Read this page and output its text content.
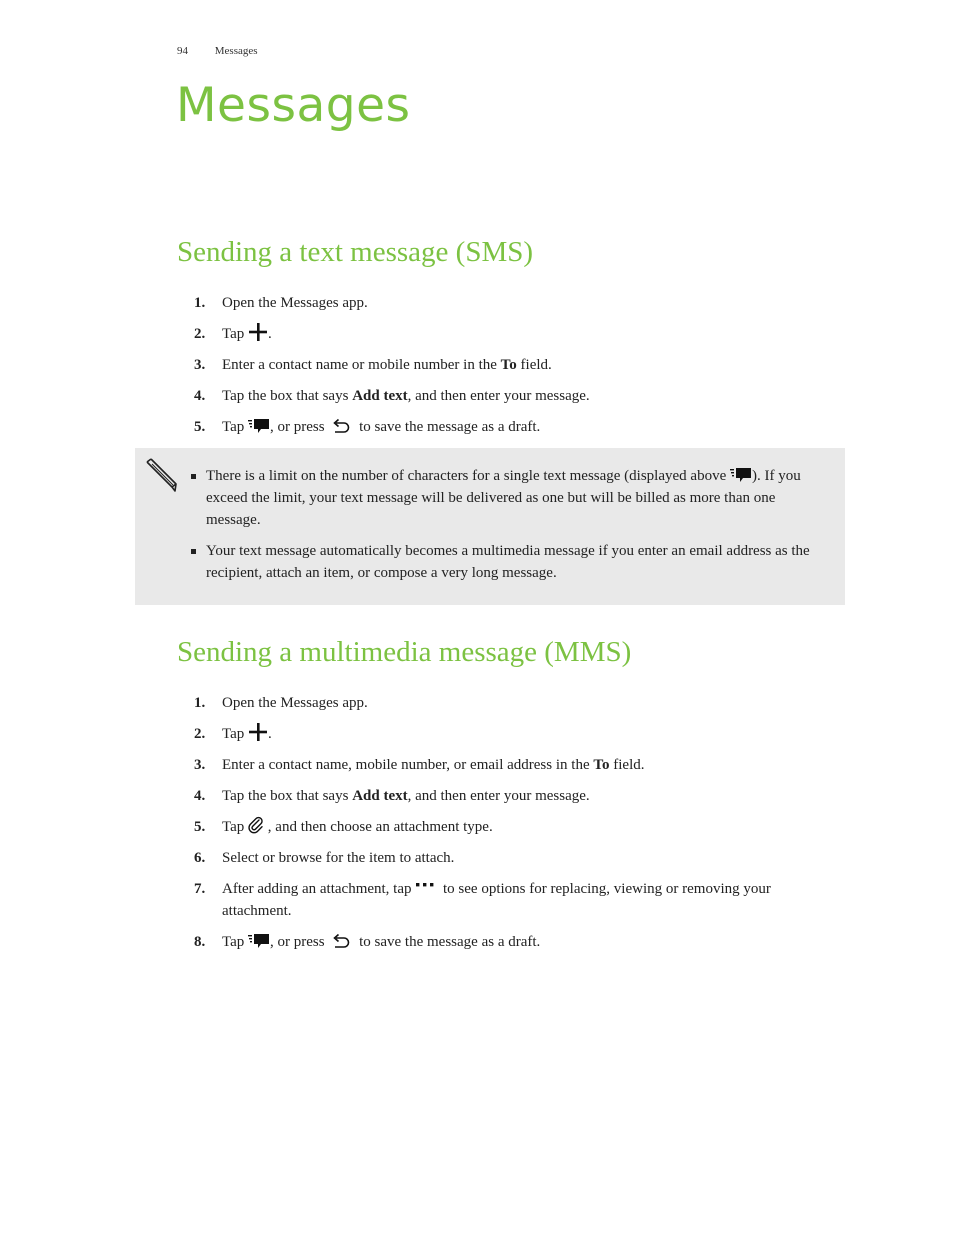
94 Messages
Messages
Sending a text message (SMS)
1. Open the Messages app.
2. Tap .
3. Enter a contact name or mobile number in the To field.
4. Tap the box that says Add text, and then enter your message.
5. Tap , or press  to save the message as a draft.
There is a limit on the number of characters for a single text message (displayed above ). If you exceed the limit, your text message will be delivered as one but will be billed as more than one message.
Your text message automatically becomes a multimedia message if you enter an email address as the recipient, attach an item, or compose a very long message.
Sending a multimedia message (MMS)
1. Open the Messages app.
2. Tap .
3. Enter a contact name, mobile number, or email address in the To field.
4. Tap the box that says Add text, and then enter your message.
5. Tap  , and then choose an attachment type.
6. Select or browse for the item to attach.
7. After adding an attachment, tap  to see options for replacing, viewing or removing your attachment.
8. Tap , or press  to save the message as a draft.
